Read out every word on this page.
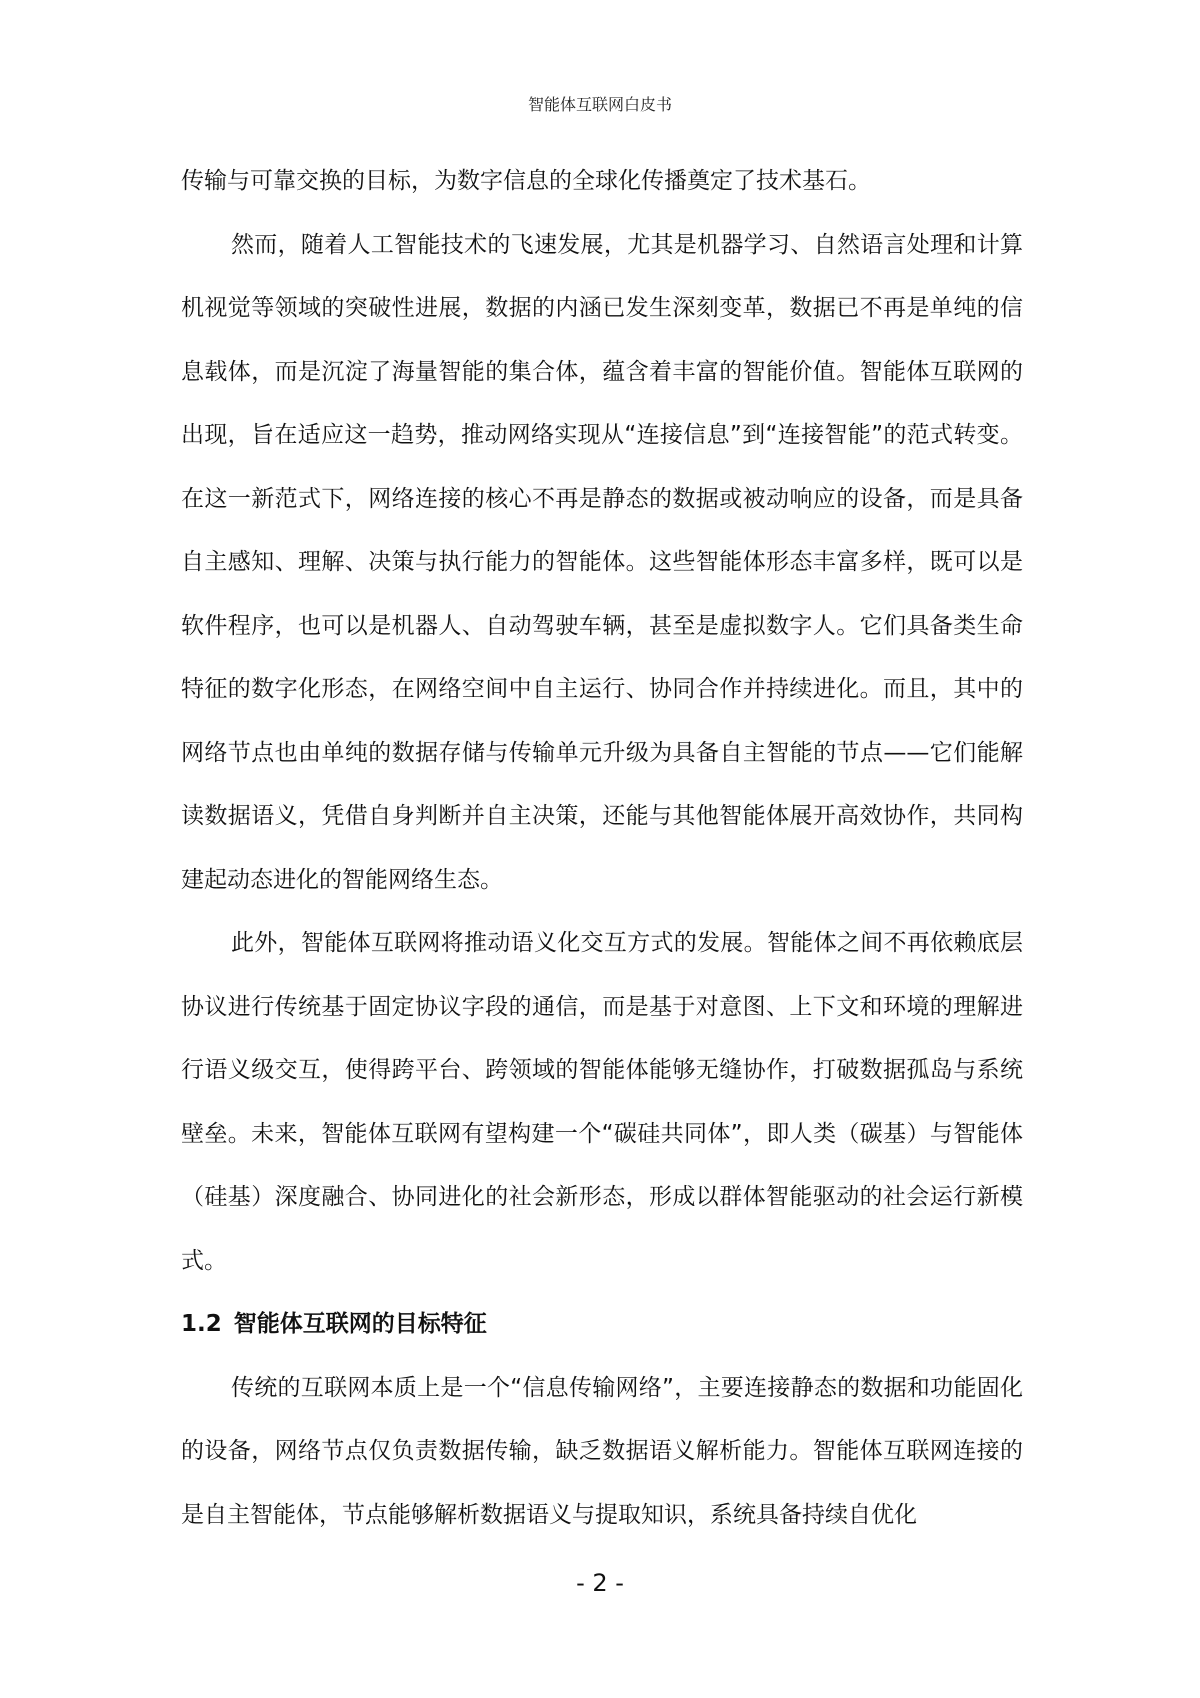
智能体互联网白皮书

传输与可靠交换的目标，为数字信息的全球化传播奠定了技术基石。

然而，随着人工智能技术的飞速发展，尤其是机器学习、自然语言处理和计算机视觉等领域的突破性进展，数据的内涵已发生深刻变革，数据已不再是单纯的信息载体，而是沉淀了海量智能的集合体，蕴含着丰富的智能价值。智能体互联网的出现，旨在适应这一趋势，推动网络实现从“连接信息”到“连接智能”的范式转变。在这一新范式下，网络连接的核心不再是静态的数据或被动响应的设备，而是具备自主感知、理解、决策与执行能力的智能体。这些智能体形态丰富多样，既可以是软件程序，也可以是机器人、自动驾驶车辆，甚至是虚拟数字人。它们具备类生命特征的数字化形态，在网络空间中自主运行、协同合作并持续进化。而且，其中的网络节点也由单纯的数据存储与传输单元升级为具备自主智能的节点——它们能解读数据语义，凭借自身判断并自主决策，还能与其他智能体展开高效协作，共同构建起动态进化的智能网络生态。

此外，智能体互联网将推动语义化交互方式的发展。智能体之间不再依赖底层协议进行传统基于固定协议字段的通信，而是基于对意图、上下文和环境的理解进行语义级交互，使得跨平台、跨领域的智能体能够无缝协作，打破数据孤岛与系统壁垒。未来，智能体互联网有望构建一个“碳硅共同体”，即人类（碳基）与智能体（硅基）深度融合、协同进化的社会新形态，形成以群体智能驱动的社会运行新模式。

1.2 智能体互联网的目标特征

传统的互联网本质上是一个“信息传输网络”，主要连接静态的数据和功能固化的设备，网络节点仅负责数据传输，缺乏数据语义解析能力。智能体互联网连接的是自主智能体，节点能够解析数据语义与提取知识，系统具备持续自优化

- 2 -
